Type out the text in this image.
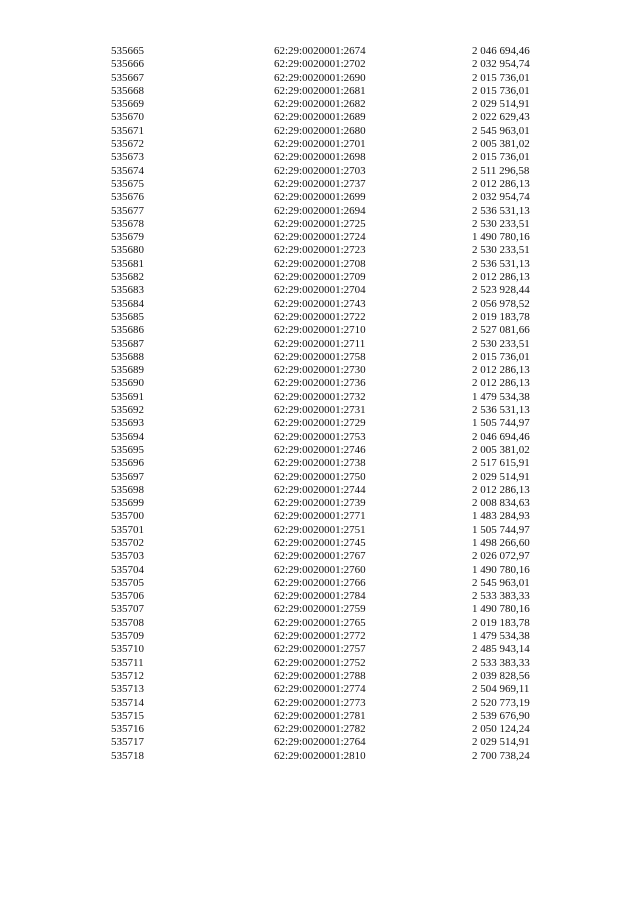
535665	62:29:0020001:2674	2 046 694,46
535666	62:29:0020001:2702	2 032 954,74
535667	62:29:0020001:2690	2 015 736,01
535668	62:29:0020001:2681	2 015 736,01
535669	62:29:0020001:2682	2 029 514,91
535670	62:29:0020001:2689	2 022 629,43
535671	62:29:0020001:2680	2 545 963,01
535672	62:29:0020001:2701	2 005 381,02
535673	62:29:0020001:2698	2 015 736,01
535674	62:29:0020001:2703	2 511 296,58
535675	62:29:0020001:2737	2 012 286,13
535676	62:29:0020001:2699	2 032 954,74
535677	62:29:0020001:2694	2 536 531,13
535678	62:29:0020001:2725	2 530 233,51
535679	62:29:0020001:2724	1 490 780,16
535680	62:29:0020001:2723	2 530 233,51
535681	62:29:0020001:2708	2 536 531,13
535682	62:29:0020001:2709	2 012 286,13
535683	62:29:0020001:2704	2 523 928,44
535684	62:29:0020001:2743	2 056 978,52
535685	62:29:0020001:2722	2 019 183,78
535686	62:29:0020001:2710	2 527 081,66
535687	62:29:0020001:2711	2 530 233,51
535688	62:29:0020001:2758	2 015 736,01
535689	62:29:0020001:2730	2 012 286,13
535690	62:29:0020001:2736	2 012 286,13
535691	62:29:0020001:2732	1 479 534,38
535692	62:29:0020001:2731	2 536 531,13
535693	62:29:0020001:2729	1 505 744,97
535694	62:29:0020001:2753	2 046 694,46
535695	62:29:0020001:2746	2 005 381,02
535696	62:29:0020001:2738	2 517 615,91
535697	62:29:0020001:2750	2 029 514,91
535698	62:29:0020001:2744	2 012 286,13
535699	62:29:0020001:2739	2 008 834,63
535700	62:29:0020001:2771	1 483 284,93
535701	62:29:0020001:2751	1 505 744,97
535702	62:29:0020001:2745	1 498 266,60
535703	62:29:0020001:2767	2 026 072,97
535704	62:29:0020001:2760	1 490 780,16
535705	62:29:0020001:2766	2 545 963,01
535706	62:29:0020001:2784	2 533 383,33
535707	62:29:0020001:2759	1 490 780,16
535708	62:29:0020001:2765	2 019 183,78
535709	62:29:0020001:2772	1 479 534,38
535710	62:29:0020001:2757	2 485 943,14
535711	62:29:0020001:2752	2 533 383,33
535712	62:29:0020001:2788	2 039 828,56
535713	62:29:0020001:2774	2 504 969,11
535714	62:29:0020001:2773	2 520 773,19
535715	62:29:0020001:2781	2 539 676,90
535716	62:29:0020001:2782	2 050 124,24
535717	62:29:0020001:2764	2 029 514,91
535718	62:29:0020001:2810	2 700 738,24
